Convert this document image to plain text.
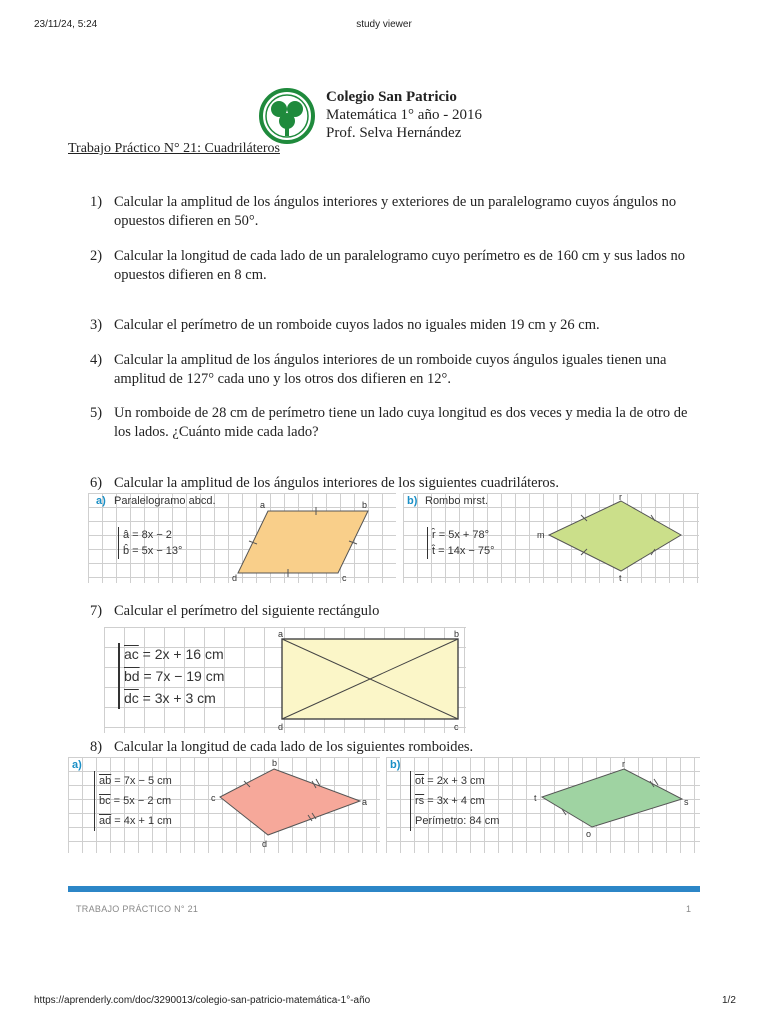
23/11/24, 5:24	study viewer
Colegio San Patricio
Matemática 1° año - 2016
Prof. Selva Hernández
Trabajo Práctico N° 21: Cuadriláteros
1) Calcular la amplitud de los ángulos interiores y exteriores de un paralelogramo cuyos ángulos no opuestos difieren en 50°.
2) Calcular la longitud de cada lado de un paralelogramo cuyo perímetro es de 160 cm y sus lados no opuestos difieren en 8 cm.
3) Calcular el perímetro de un romboide cuyos lados no iguales miden 19 cm y 26 cm.
4) Calcular la amplitud de los ángulos interiores de un romboide cuyos ángulos iguales tienen una amplitud de 127° cada uno y los otros dos difieren en 12°.
5) Un romboide de 28 cm de perímetro tiene un lado cuya longitud es dos veces y media la de otro de los lados. ¿Cuánto mide cada lado?
6) Calcular la amplitud de los ángulos interiores de los siguientes cuadriláteros.
a) Paralelogramo abcd.
â = 8x − 2
b̂ = 5x − 13°
a	b
c
d
b) Rombo mrst.
r̂ = 5x + 78°
t̂ = 14x − 75°
r
m
t
7) Calcular el perímetro del siguiente rectángulo
$\overline{ac} = 2x + 16$ cm
$\overline{bd} = 7x - 19$ cm
$\overline{dc} = 3x + 3$ cm
a	b
c
d
8) Calcular la longitud de cada lado de los siguientes romboides.
a)
$\overline{ab} = 7x - 5$ cm
$\overline{bc} = 5x - 2$ cm
$\overline{ad} = 4x + 1$ cm
b
c	a
d
b)
$\overline{ot} = 2x + 3$ cm
$\overline{rs} = 3x + 4$ cm
Perímetro: 84 cm
r
t	s
o
TRABAJO PRÁCTICO N° 21	1
https://aprenderly.com/doc/3290013/colegio-san-patricio-matemática-1°-año	1/2
